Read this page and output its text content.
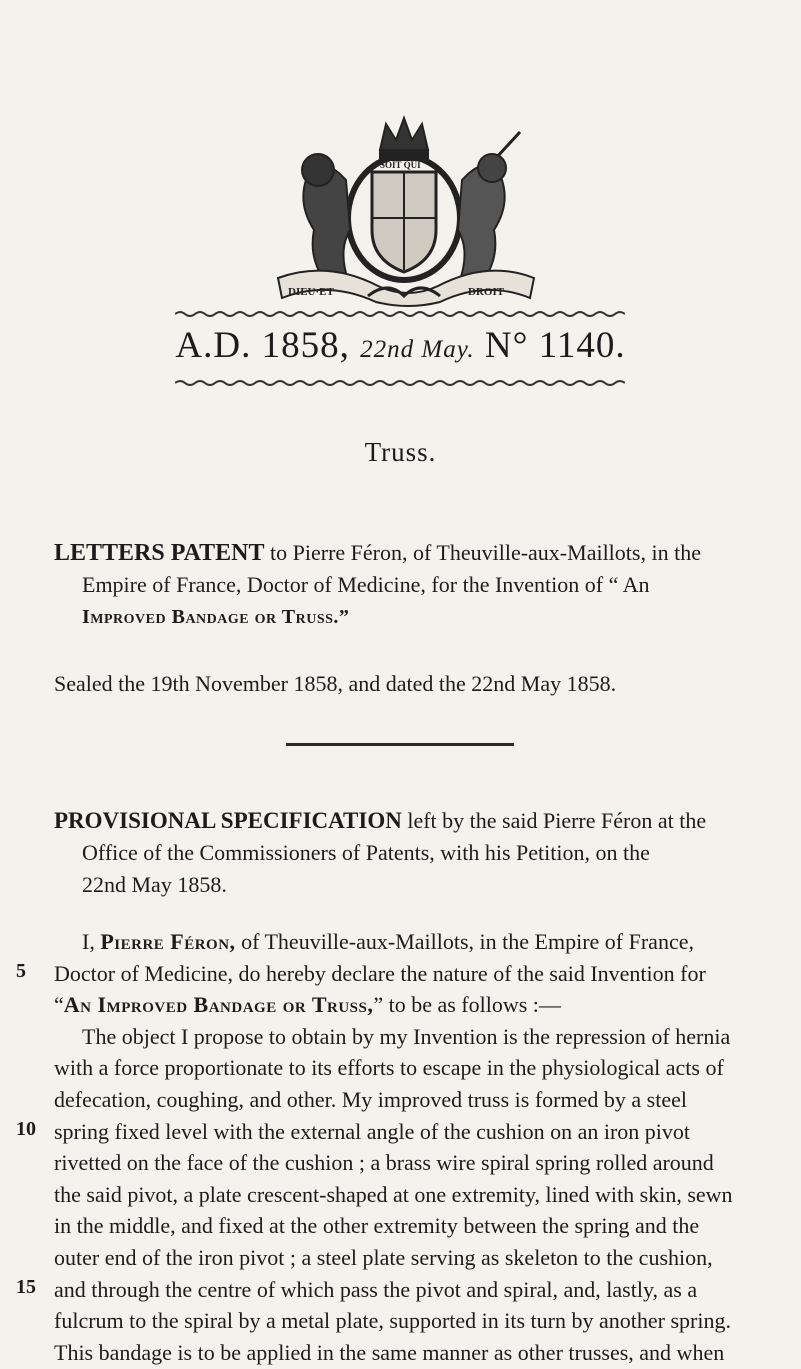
DIEU·ET	DROIT
SOIT QUI
A.D. 1858, 22nd May. N° 1140.
Truss.
LETTERS PATENT to Pierre Féron, of Theuville-aux-Maillots, in the
Empire of France, Doctor of Medicine, for the Invention of “ An
Improved Bandage or Truss.”
Sealed the 19th November 1858, and dated the 22nd May 1858.
PROVISIONAL SPECIFICATION left by the said Pierre Féron at the
Office of the Commissioners of Patents, with his Petition, on the
22nd May 1858.
I, Pierre Féron, of Theuville-aux-Maillots, in the Empire of France,
5 Doctor of Medicine, do hereby declare the nature of the said Invention for
“An Improved Bandage or Truss,” to be as follows :—
The object I propose to obtain by my Invention is the repression of hernia
with a force proportionate to its efforts to escape in the physiological acts of
defecation, coughing, and other. My improved truss is formed by a steel
10 spring fixed level with the external angle of the cushion on an iron pivot
rivetted on the face of the cushion ; a brass wire spiral spring rolled around
the said pivot, a plate crescent-shaped at one extremity, lined with skin, sewn
in the middle, and fixed at the other extremity between the spring and the
outer end of the iron pivot ; a steel plate serving as skeleton to the cushion,
15 and through the centre of which pass the pivot and spiral, and, lastly, as a
fulcrum to the spiral by a metal plate, supported in its turn by another spring.
This bandage is to be applied in the same manner as other trusses, and when
